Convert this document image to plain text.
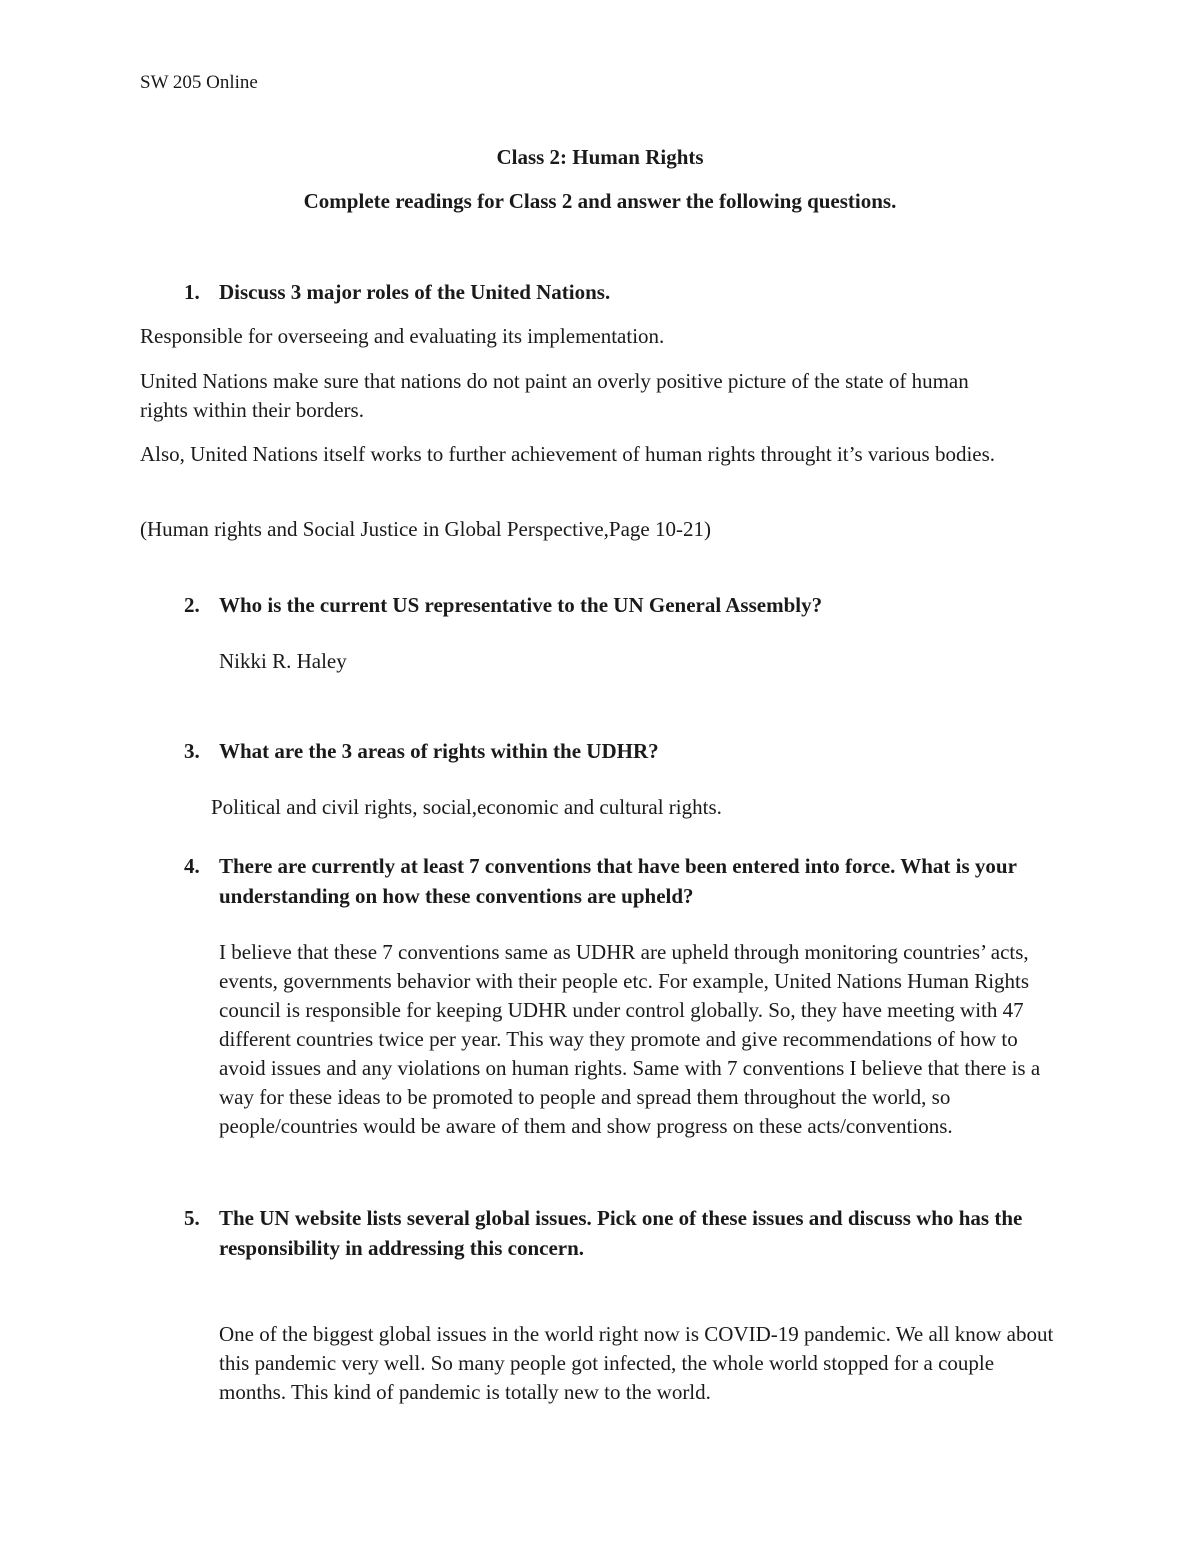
SW 205 Online

Class 2: Human Rights

Complete readings for Class 2 and answer the following questions.

1. Discuss 3 major roles of the United Nations.

Responsible for overseeing and evaluating its implementation.

United Nations make sure that nations do not paint an overly positive picture of the state of human rights within their borders.

Also, United Nations itself works to further achievement of human rights throught it’s various bodies.

(Human rights and Social Justice in Global Perspective,Page 10-21)

2. Who is the current US representative to the UN General Assembly?

Nikki R. Haley

3. What are the 3 areas of rights within the UDHR?

Political and civil rights, social,economic and cultural rights.

4. There are currently at least 7 conventions that have been entered into force. What is your understanding on how these conventions are upheld?

I believe that these 7 conventions same as UDHR are upheld through monitoring countries’ acts, events, governments behavior with their people etc. For example, United Nations Human Rights council is responsible for keeping UDHR under control globally. So, they have meeting with 47 different countries twice per year. This way they promote and give recommendations of how to avoid issues and any violations on human rights. Same with 7 conventions I believe that there is a way for these ideas to be promoted to people and spread them throughout the world, so people/countries would be aware of them and show progress on these acts/conventions.

5. The UN website lists several global issues. Pick one of these issues and discuss who has the responsibility in addressing this concern.

One of the biggest global issues in the world right now is COVID-19 pandemic. We all know about this pandemic very well. So many people got infected, the whole world stopped for a couple months. This kind of pandemic is totally new to the world.
